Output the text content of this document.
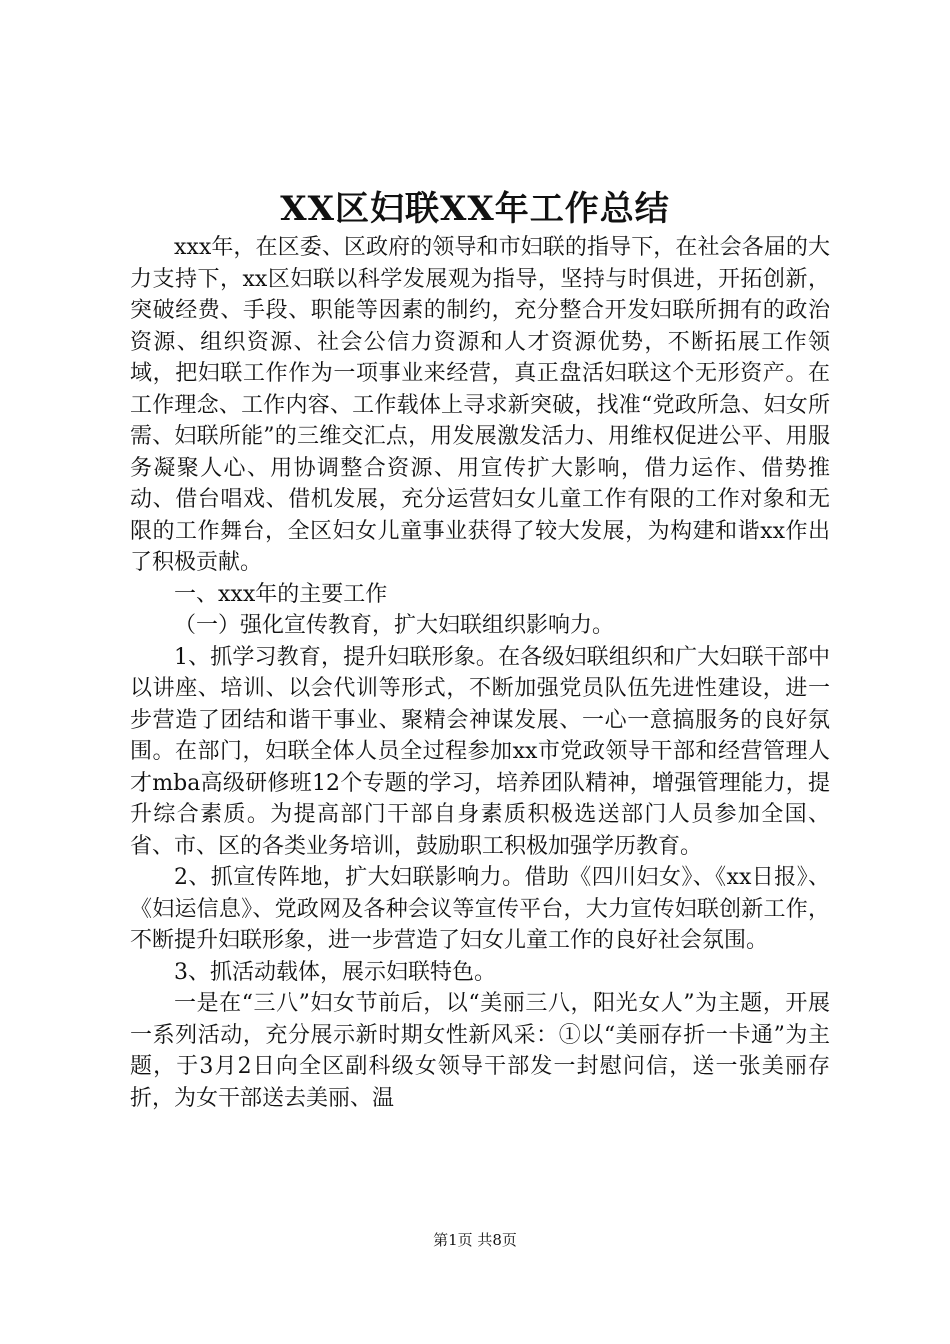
XX区妇联XX年工作总结

xxx年，在区委、区政府的领导和市妇联的指导下，在社会各届的大力支持下，xx区妇联以科学发展观为指导，坚持与时俱进，开拓创新，突破经费、手段、职能等因素的制约，充分整合开发妇联所拥有的政治资源、组织资源、社会公信力资源和人才资源优势，不断拓展工作领域，把妇联工作作为一项事业来经营，真正盘活妇联这个无形资产。在工作理念、工作内容、工作载体上寻求新突破，找准“党政所急、妇女所需、妇联所能”的三维交汇点，用发展激发活力、用维权促进公平、用服务凝聚人心、用协调整合资源、用宣传扩大影响，借力运作、借势推动、借台唱戏、借机发展，充分运营妇女儿童工作有限的工作对象和无限的工作舞台，全区妇女儿童事业获得了较大发展，为构建和谐xx作出了积极贡献。

一、xxx年的主要工作

（一）强化宣传教育，扩大妇联组织影响力。

1、抓学习教育，提升妇联形象。在各级妇联组织和广大妇联干部中以讲座、培训、以会代训等形式，不断加强党员队伍先进性建设，进一步营造了团结和谐干事业、聚精会神谋发展、一心一意搞服务的良好氛围。在部门，妇联全体人员全过程参加xx市党政领导干部和经营管理人才mba高级研修班12个专题的学习，培养团队精神，增强管理能力，提升综合素质。为提高部门干部自身素质积极选送部门人员参加全国、省、市、区的各类业务培训，鼓励职工积极加强学历教育。

2、抓宣传阵地，扩大妇联影响力。借助《四川妇女》、《xx日报》、《妇运信息》、党政网及各种会议等宣传平台，大力宣传妇联创新工作，不断提升妇联形象，进一步营造了妇女儿童工作的良好社会氛围。

3、抓活动载体，展示妇联特色。

一是在“三八”妇女节前后，以“美丽三八，阳光女人”为主题，开展一系列活动，充分展示新时期女性新风采：①以“美丽存折一卡通”为主题，于3月2日向全区副科级女领导干部发一封慰问信，送一张美丽存折，为女干部送去美丽、温

第1页 共8页
